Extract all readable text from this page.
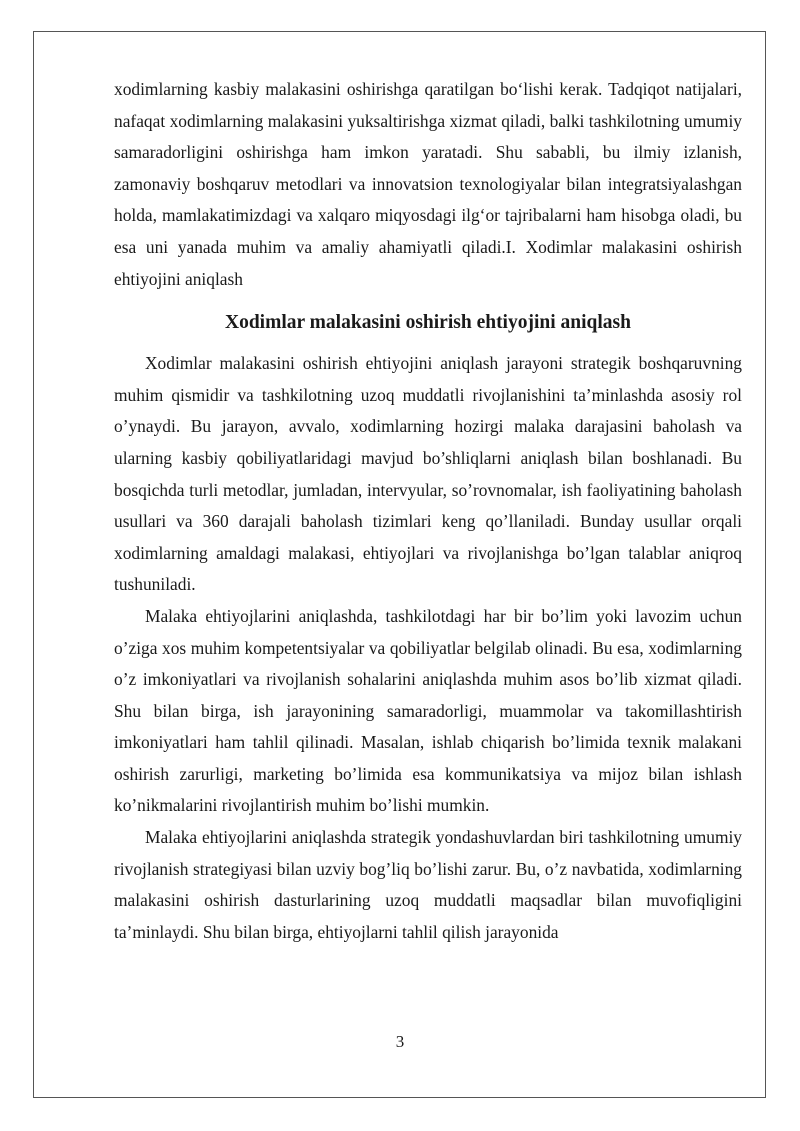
xodimlarning kasbiy malakasini oshirishga qaratilgan bo‘lishi kerak. Tadqiqot natijalari, nafaqat xodimlarning malakasini yuksaltirishga xizmat qiladi, balki tashkilotning umumiy samaradorligini oshirishga ham imkon yaratadi. Shu sababli, bu ilmiy izlanish, zamonaviy boshqaruv metodlari va innovatsion texnologiyalar bilan integratsiyalashgan holda, mamlakatimizdagi va xalqaro miqyosdagi ilg‘or tajribalarni ham hisobga oladi, bu esa uni yanada muhim va amaliy ahamiyatli qiladi.I. Xodimlar malakasini oshirish ehtiyojini aniqlash

Xodimlar malakasini oshirish ehtiyojini aniqlash

Xodimlar malakasini oshirish ehtiyojini aniqlash jarayoni strategik boshqaruvning muhim qismidir va tashkilotning uzoq muddatli rivojlanishini ta’minlashda asosiy rol o’ynaydi. Bu jarayon, avvalo, xodimlarning hozirgi malaka darajasini baholash va ularning kasbiy qobiliyatlaridagi mavjud bo’shliqlarni aniqlash bilan boshlanadi. Bu bosqichda turli metodlar, jumladan, intervyular, so’rovnomalar, ish faoliyatining baholash usullari va 360 darajali baholash tizimlari keng qo’llaniladi. Bunday usullar orqali xodimlarning amaldagi malakasi, ehtiyojlari va rivojlanishga bo’lgan talablar aniqroq tushuniladi.

Malaka ehtiyojlarini aniqlashda, tashkilotdagi har bir bo’lim yoki lavozim uchun o’ziga xos muhim kompetentsiyalar va qobiliyatlar belgilab olinadi. Bu esa, xodimlarning o’z imkoniyatlari va rivojlanish sohalarini aniqlashda muhim asos bo’lib xizmat qiladi. Shu bilan birga, ish jarayonining samaradorligi, muammolar va takomillashtirish imkoniyatlari ham tahlil qilinadi. Masalan, ishlab chiqarish bo’limida texnik malakani oshirish zarurligi, marketing bo’limida esa kommunikatsiya va mijoz bilan ishlash ko’nikmalarini rivojlantirish muhim bo’lishi mumkin.

Malaka ehtiyojlarini aniqlashda strategik yondashuvlardan biri tashkilotning umumiy rivojlanish strategiyasi bilan uzviy bog’liq bo’lishi zarur. Bu, o’z navbatida, xodimlarning malakasini oshirish dasturlarining uzoq muddatli maqsadlar bilan muvofiqligini ta’minlaydi. Shu bilan birga, ehtiyojlarni tahlil qilish jarayonida

3
